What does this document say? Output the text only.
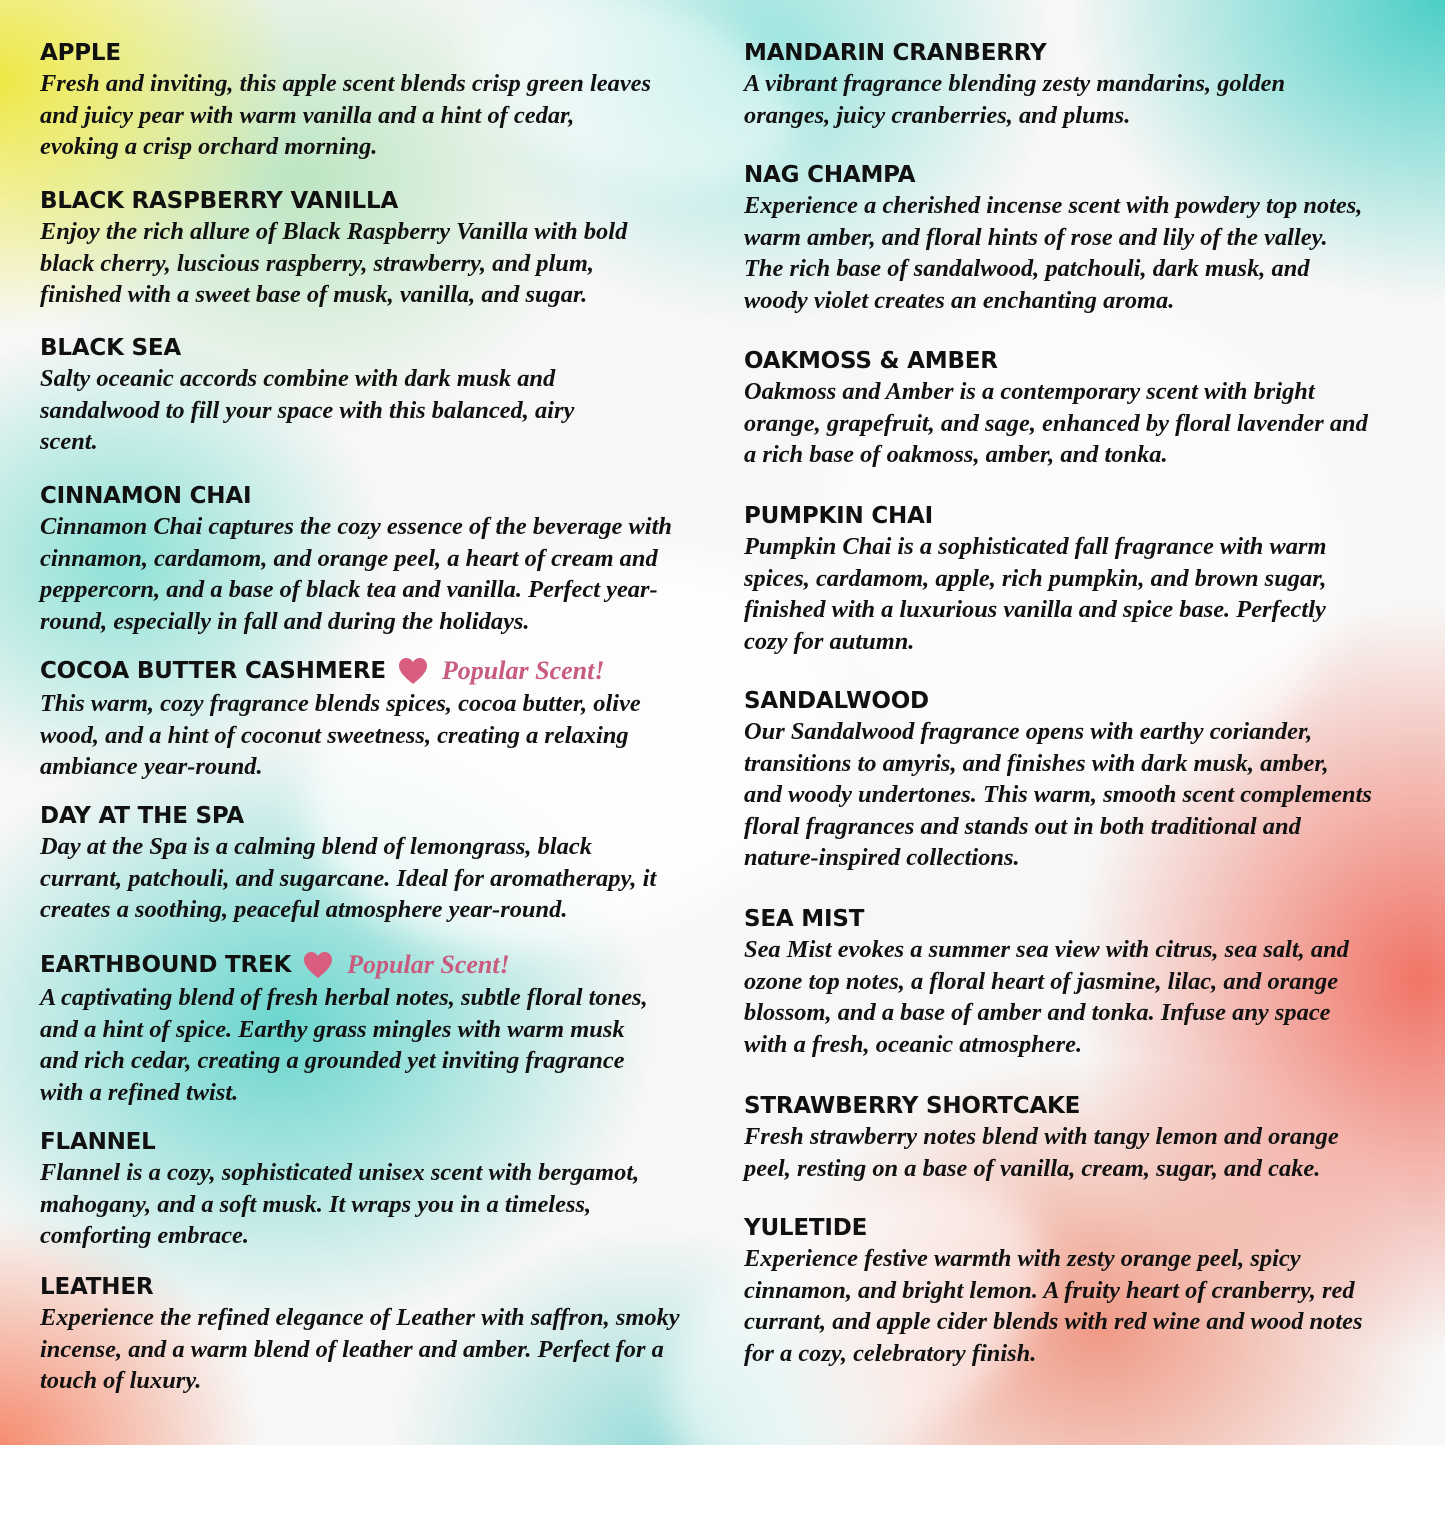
APPLE

Fresh and inviting, this apple scent blends crisp green leaves

and juicy pear with warm vanilla and a hint of cedar,

evoking a crisp orchard morning.

BLACK RASPBERRY VANILLA

Enjoy the rich allure of Black Raspberry Vanilla with bold

black cherry, luscious raspberry, strawberry, and plum,

finished with a sweet base of musk, vanilla, and sugar.

BLACK SEA

Salty oceanic accords combine with dark musk and

sandalwood to fill your space with this balanced, airy

scent.

CINNAMON CHAI

Cinnamon Chai captures the cozy essence of the beverage with

cinnamon, cardamom, and orange peel, a heart of cream and

peppercorn, and a base of black tea and vanilla. Perfect year-

round, especially in fall and during the holidays.

COCOA BUTTER CASHMERE Popular Scent!

This warm, cozy fragrance blends spices, cocoa butter, olive

wood, and a hint of coconut sweetness, creating a relaxing

ambiance year-round.

DAY AT THE SPA

Day at the Spa is a calming blend of lemongrass, black

currant, patchouli, and sugarcane. Ideal for aromatherapy, it

creates a soothing, peaceful atmosphere year-round.

EARTHBOUND TREK Popular Scent!

A captivating blend of fresh herbal notes, subtle floral tones,

and a hint of spice. Earthy grass mingles with warm musk

and rich cedar, creating a grounded yet inviting fragrance

with a refined twist.

FLANNEL

Flannel is a cozy, sophisticated unisex scent with bergamot,

mahogany, and a soft musk. It wraps you in a timeless,

comforting embrace.

LEATHER

Experience the refined elegance of Leather with saffron, smoky

incense, and a warm blend of leather and amber. Perfect for a

touch of luxury.

MANDARIN CRANBERRY

A vibrant fragrance blending zesty mandarins, golden

oranges, juicy cranberries, and plums.

NAG CHAMPA

Experience a cherished incense scent with powdery top notes,

warm amber, and floral hints of rose and lily of the valley.

The rich base of sandalwood, patchouli, dark musk, and

woody violet creates an enchanting aroma.

OAKMOSS & AMBER

Oakmoss and Amber is a contemporary scent with bright

orange, grapefruit, and sage, enhanced by floral lavender and

a rich base of oakmoss, amber, and tonka.

PUMPKIN CHAI

Pumpkin Chai is a sophisticated fall fragrance with warm

spices, cardamom, apple, rich pumpkin, and brown sugar,

finished with a luxurious vanilla and spice base. Perfectly

cozy for autumn.

SANDALWOOD

Our Sandalwood fragrance opens with earthy coriander,

transitions to amyris, and finishes with dark musk, amber,

and woody undertones. This warm, smooth scent complements

floral fragrances and stands out in both traditional and

nature-inspired collections.

SEA MIST

Sea Mist evokes a summer sea view with citrus, sea salt, and

ozone top notes, a floral heart of jasmine, lilac, and orange

blossom, and a base of amber and tonka. Infuse any space

with a fresh, oceanic atmosphere.

STRAWBERRY SHORTCAKE

Fresh strawberry notes blend with tangy lemon and orange

peel, resting on a base of vanilla, cream, sugar, and cake.

YULETIDE

Experience festive warmth with zesty orange peel, spicy

cinnamon, and bright lemon. A fruity heart of cranberry, red

currant, and apple cider blends with red wine and wood notes

for a cozy, celebratory finish.
